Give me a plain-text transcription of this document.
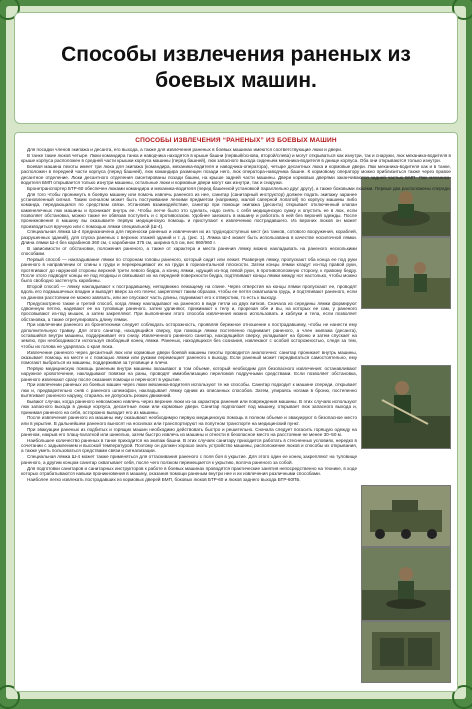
Способы извлечения раненых из боевых машин.
СПОСОБЫ ИЗВЛЕЧЕНИЯ “РАНЕНЫХ” ИЗ БОЕВЫХ МАШИН

Для посадки членов экипажа и десанта, его выхода, а также для извлечения раненых в боевых машинах имеются соответствующие люки и двери.

В танке такие люков четыре. Люки командира танка и наводчика находятся в крыше башни (первый/основа, второй/слева) и могут открываться как изнутри, так и снаружи, люк механика-водителя в крыше корпуса расположен в средней части крышки корпуса машины (перед башней), люк запасного выхода сиденьем механика-водителя в днище корпуса. Оба они открываются только изнутри.

Боевая машина пехоты имеет три люка для экипажа (командира, механика-водителя и наводчика-оператора), четыре десантных люка и кормовые двери. Люк механика-водителя как и в танке, расположен в передней части корпуса (перед башней), люк командира размещен позади него, люк оператора-наводчика башне. К кормовому оператору можно приблизиться также через правое десантное отделение. Люки десантного отделения смонтированы позади башни, на крыше задней части машины. Двери кормовых дверями заканчиваются задней частью БМП. Люк механика-водителя БМП открывается только изнутри машины, остальные люки и кормовые двери могут как изнутри, так и снаружи.

Бронетранспортер БТР-60 обеспечен люками командира и механика-водителя (перед башенной установкой параллельно друг другу), а также боковыми люками. Первые два расположены спереди.

Для того чтобы проникнуть в боевую машину или помочь извлечь раненого из нее, санитар (санитарный инструктор) должен подать экипажу заранее установленный сигнал. Таким сигналом может быть постукивание легкими предметом (например, малой саперной лопатой) по корпусу машины либо команда, передающаяся по средствам связи. Установив взаимодействие, санитар при помощи экипажа (десанта) открывает отключенный клапан каменелечных люк машины и проникает внутрь ее. Чтобы легче было это сделать, надо снять с себя медицинскую сумку и опустить ее в люк, если позволяет обстановка, можно также ее обвязав поступить и с противогазом. Удобнее заезжать в машину и работать в ней без верхней одежды. После проникновения в машину вы оказываете первую медицинскую помощь и приступают к извлечению пострадавшего. Из верхних люков он может производиться вручную или с помощью лямки специальной (Ш-4).

Специальная лямка Ш-4 предназначена для переноски раненых и извлечения их из труднодоступных мест (из танков, сотового вооружения, кораблей, разрушенных зданий), для спуска раненых с верхних этажей зданий и т. д. (рис. 1). Лямка Ш-4 может быть использована в качестве носилочной лямки. Длина лямки Ш-4 без карабинов 360 см, с карабином 375 см, ширина 6,5 см, вес 860/960 г.

В зависимости от обстановки, положения раненого, а также от характера и места ранения лямку можно накладывать на раненого несколькими способами.

Первый способ — накладывание лямки по сторонам головы раненого, который сидит или лежит. Развернув лямку, пропускают оба конца ее под руки раненого в направлении от спины к груди и перекрещивают их на груди в горизонтальной плоскости. Затем концы лямки кладут из-под правой руки, протягивают до наружной стороны верхней трети левого бедра, а конец лямки, идущий из-под левой руки, в противоположную сторону, к правому бедру. После этого подводят концы ее под ягодицы и связывают их на передней поверхности бедра, подтягивают концы лямки между ног настолько, чтобы можно было свободно застегнуть карабины.

Второй способ — лямку накладывают к пострадавшему, неподвижно лежащему на спине. Через отверстия на концы лямки пропускают ее, проводят вдоль его подмышечных впадин и выводят вверх за его плечи; закрепляют таким образом, чтобы ее петля охватывала грудь, и подтягивают раненого, если на данном расстоянии ее можно завязать, или же опускают часть длины, поднимают его к отверстию, то есть к выходу.

Предусмотрено также и третий способ, когда лямку накладывают на раненого в виде петли из двух витков. Сначала из середины лямки формируют сдвоенную петлю, надевают ее на туловище раненого, затем удлиняют, прижимают к телу и, прорезая обе и вы, на которых ее сам, у раненого просовывают из-под мышек, а затем закрепляют. При выполнении этого способа извлечения можно использовать и каблуки и тела, если позволяет обстановка, а также отрегулировать длину лямки.

При извлечении раненого из бронетехники следует соблюдать осторожность, проявляя бережное отношение к пострадавшему, чтобы не нанести ему дополнительную травму. Для этого санитар, находящийся сверху, при помощи лямки постепенно поднимает раненого, а член экипажа (десанта), оставшийся внутри машины, поддерживает его снизу. Извлеченного раненого санитар, находящийся сверху, укладывает на броню и затем спускает на землю, при необходимости используя свободный конец лямки. Раненых, находящихся без сознания, извлекают с особой осторожностью, следя за тем, чтобы их голова не ударялась о края люка.

Извлечение раненого через десантный люк или кормовые двери боевой машины пехоты проводится аналогично: санитар проникает внутрь машины, оказывает помощь на месте и с помощью лямки или руками перемещает раненого к выходу. Если раненый может передвигаться самостоятельно, ему помогают выбраться из машины, поддерживая за туловище и плечи.

Первую медицинскую помощь раненым внутри машины оказывают в том объеме, который необходим для безопасного извлечения: останавливают наружное кровотечение, накладывают повязки на раны, проводят иммобилизацию переломов подручными средствами. Если позволяет обстановка, раненого извлекают сразу после оказания помощи и переносят в укрытие.

При извлечении раненых из боевых машин через люки механика-водителя используют те же способы. Санитар подходит к машине спереди, открывает люк и, предварительно сняв с раненого шлемофон, накладывает лямку одним из описанных способов. Затем, упираясь ногами в броню, постепенно вытягивает раненого наружу, стараясь не допускать резких движений.

Бывают случаи, когда раненого невозможно извлечь через верхние люки из-за характера ранения или повреждения машины. В этих случаях используют люк запасного выхода в днище корпуса, десантные люки или кормовые двери. Санитар подползает под машину, открывает люк запасного выхода и, принимая раненого на себя, осторожно выводит его из машины.

После извлечения раненого из машины ему оказывают необходимую первую медицинскую помощь в полном объеме и эвакуируют в безопасное место или в укрытие. В дальнейшем раненого выносят на носилках или транспортируют на попутном транспорте на медицинский пункт.

При эвакуации раненых из подбитых и горящих машин необходимо действовать быстро и решительно. Сначала следует погасить горящую одежду на раненом, накрыв его плащ-палаткой или шинелью, затем быстро извлечь из машины и отнести в безопасное место на расстояние не менее 30–50 м.

Наибольшее количество раненых в танке приходится на экипаж башни. В этих случаях санитару приходится работать в стесненных условиях, нередко в сочетании с задымлением и высокой температурой. Поэтому он должен хорошо знать устройство машины, расположение люков и способы их открывания, а также уметь пользоваться средствами связи и сигнализации.

Специальная лямка Ш-4 может также применяться для оттаскивания раненого с поля боя в укрытие. Для этого один ее конец закрепляют на туловище раненого, а другим концом санитар охватывает себя, после чего ползком перемещается к укрытию, волоча раненого за собой.

Для подготовки санитаров и санитарных инструкторов к работе в боевых машинах проводятся практические занятия непосредственно на технике, в ходе которых отрабатываются навыки проникновения в машину, оказания помощи раненым внутри нее и их извлечения различными способами.

Наиболее легко извлекать пострадавших из кормовых дверей БМП, боковых люков БТР-60 и люков заднего выхода БТР-60ПБ.
